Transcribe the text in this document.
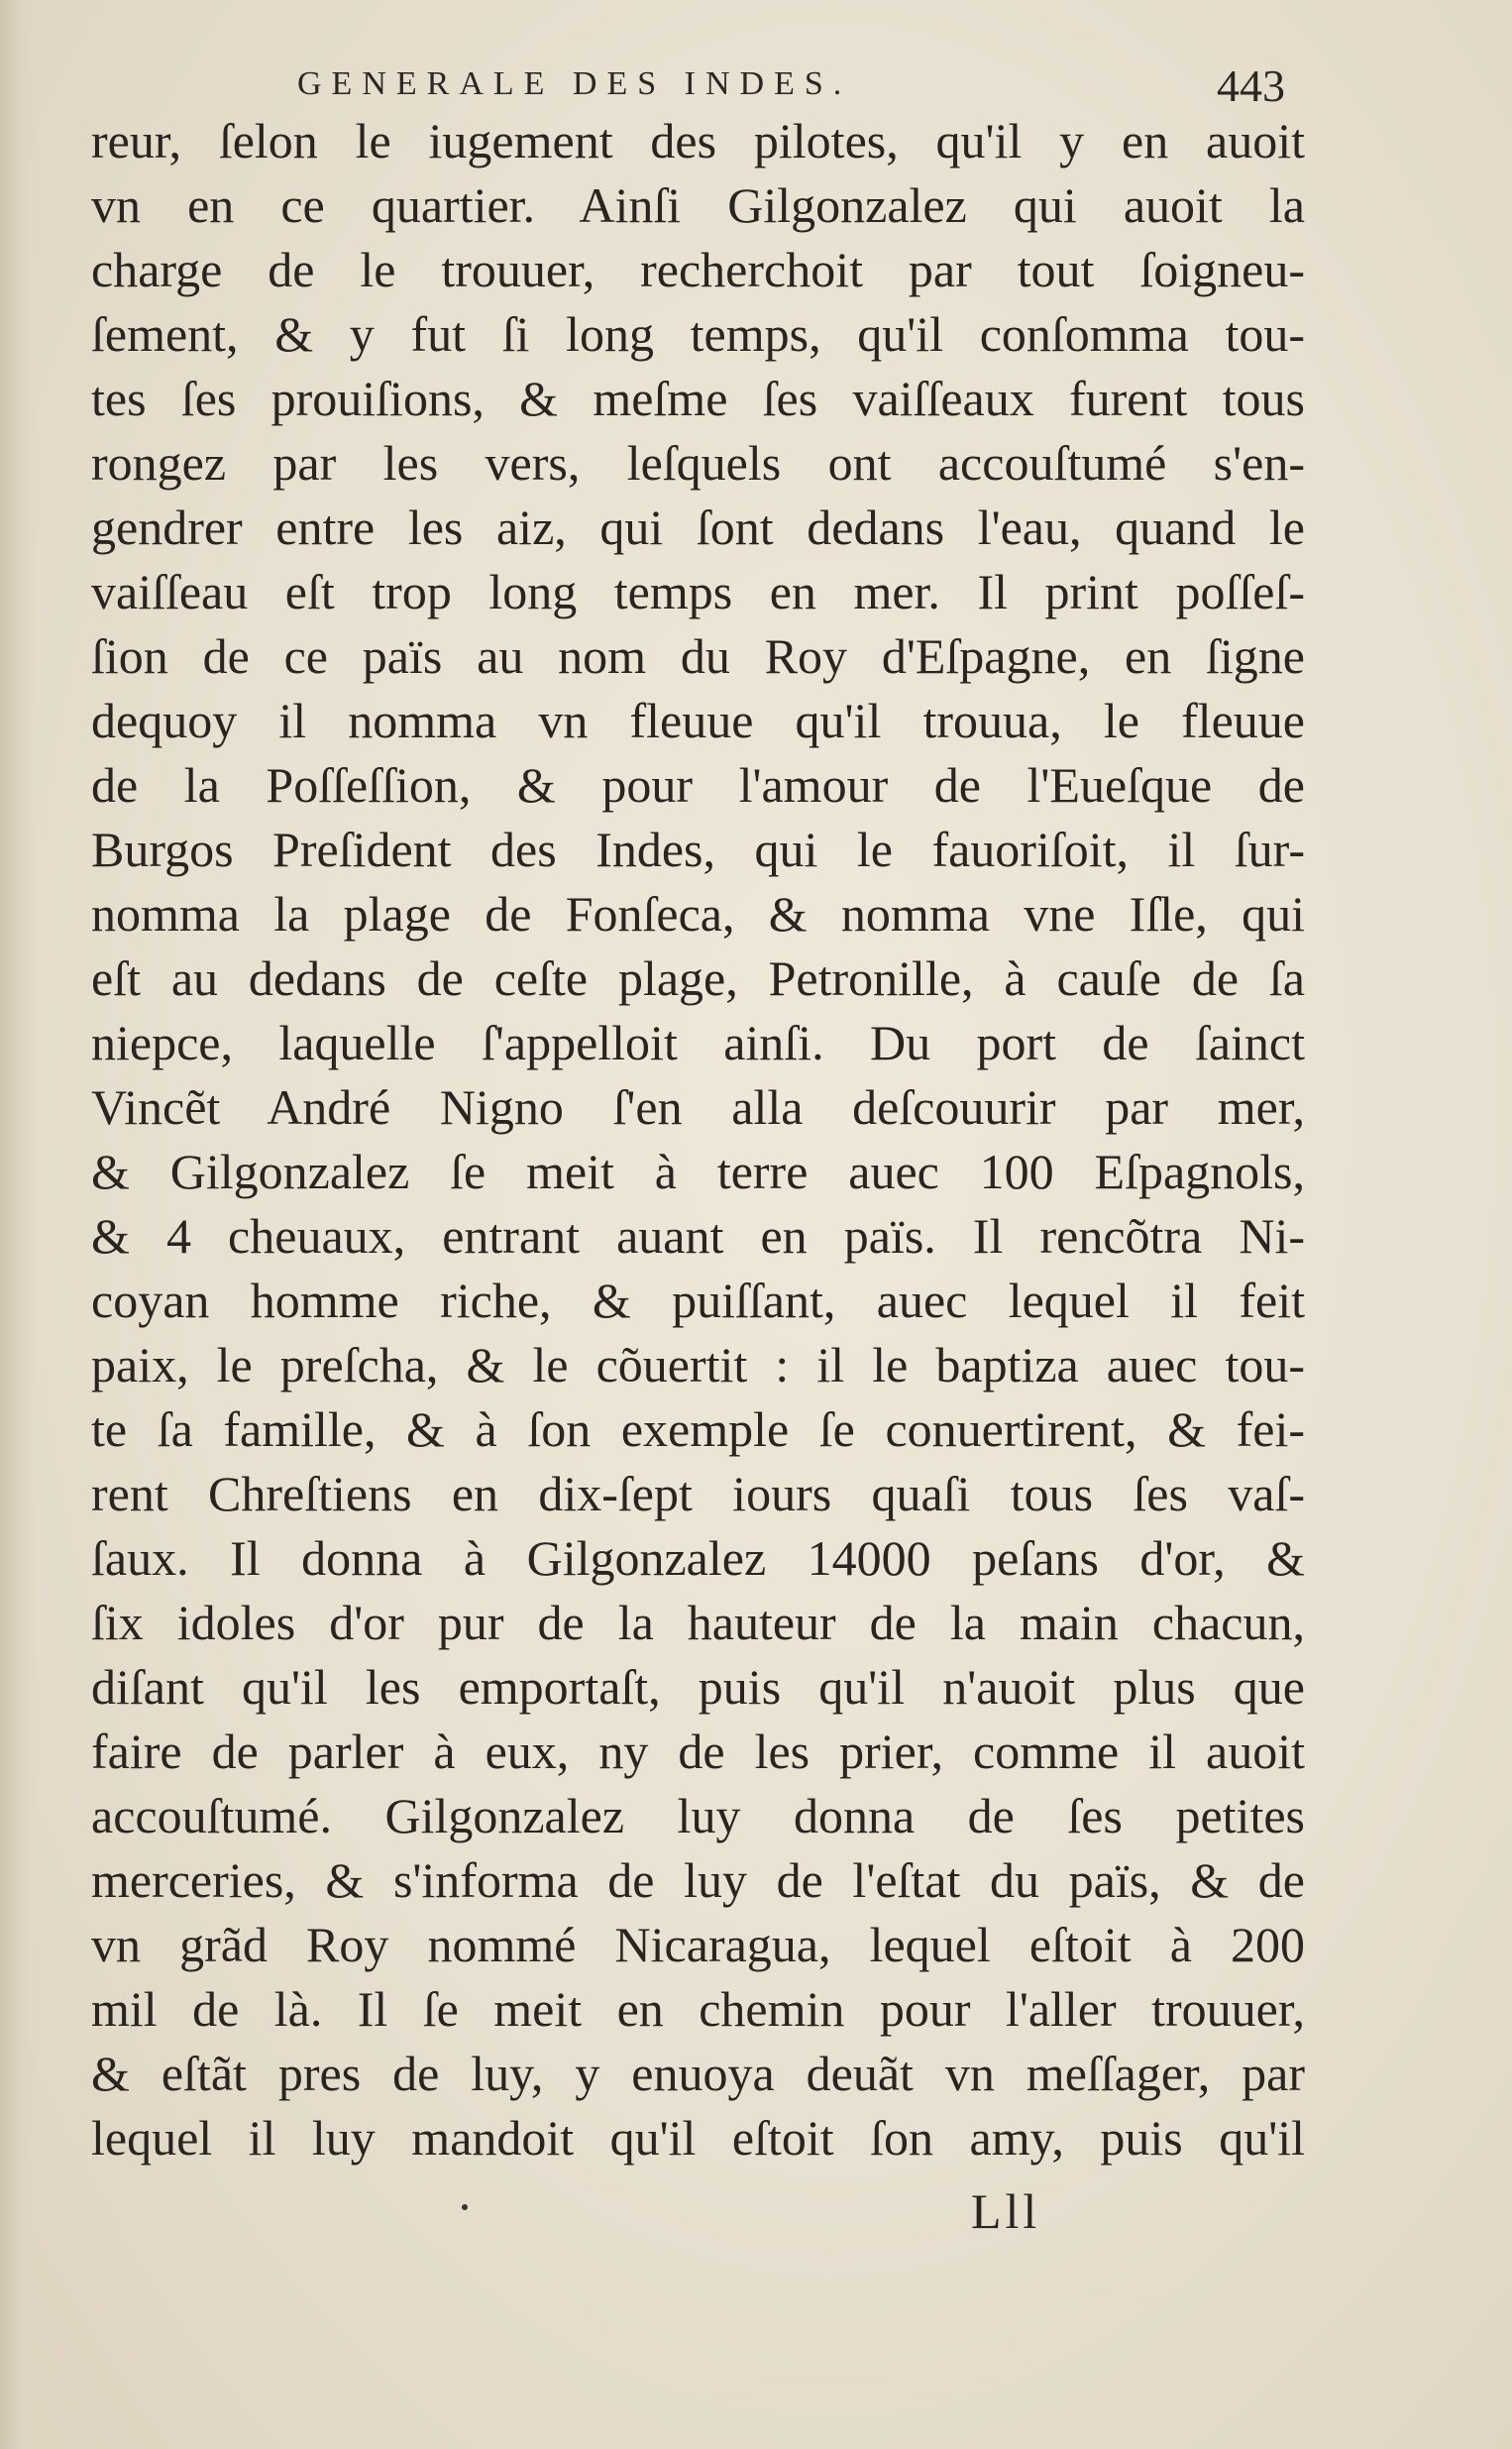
GENERALE DES INDES.	443
reur, ſelon le iugement des pilotes, qu'il y en auoit
vn en ce quartier. Ainſi Gilgonzalez qui auoit la
charge de le trouuer, recherchoit par tout ſoigneu-
ſement, & y fut ſi long temps, qu'il conſomma tou-
tes ſes prouiſions, & meſme ſes vaiſſeaux furent tous
rongez par les vers, leſquels ont accouſtumé s'en-
gendrer entre les aiz, qui ſont dedans l'eau, quand le
vaiſſeau eſt trop long temps en mer. Il print poſſeſ-
ſion de ce païs au nom du Roy d'Eſpagne, en ſigne
dequoy il nomma vn fleuue qu'il trouua, le fleuue
de la Poſſeſſion, & pour l'amour de l'Eueſque de
Burgos Preſident des Indes, qui le fauoriſoit, il ſur-
nomma la plage de Fonſeca, & nomma vne Iſle, qui
eſt au dedans de ceſte plage, Petronille, à cauſe de ſa
niepce, laquelle ſ'appelloit ainſi. Du port de ſainct
Vincẽt André Nigno ſ'en alla deſcouurir par mer,
& Gilgonzalez ſe meit à terre auec 100 Eſpagnols,
& 4 cheuaux, entrant auant en païs. Il rencõtra Ni-
coyan homme riche, & puiſſant, auec lequel il feit
paix, le preſcha, & le cõuertit : il le baptiza auec tou-
te ſa famille, & à ſon exemple ſe conuertirent, & fei-
rent Chreſtiens en dix-ſept iours quaſi tous ſes vaſ-
ſaux. Il donna à Gilgonzalez 14000 peſans d'or, &
ſix idoles d'or pur de la hauteur de la main chacun,
diſant qu'il les emportaſt, puis qu'il n'auoit plus que
faire de parler à eux, ny de les prier, comme il auoit
accouſtumé. Gilgonzalez luy donna de ſes petites
merceries, & s'informa de luy de l'eſtat du païs, & de
vn grãd Roy nommé Nicaragua, lequel eſtoit à 200
mil de là. Il ſe meit en chemin pour l'aller trouuer,
& eſtãt pres de luy, y enuoya deuãt vn meſſager, par
lequel il luy mandoit qu'il eſtoit ſon amy, puis qu'il
Lll
